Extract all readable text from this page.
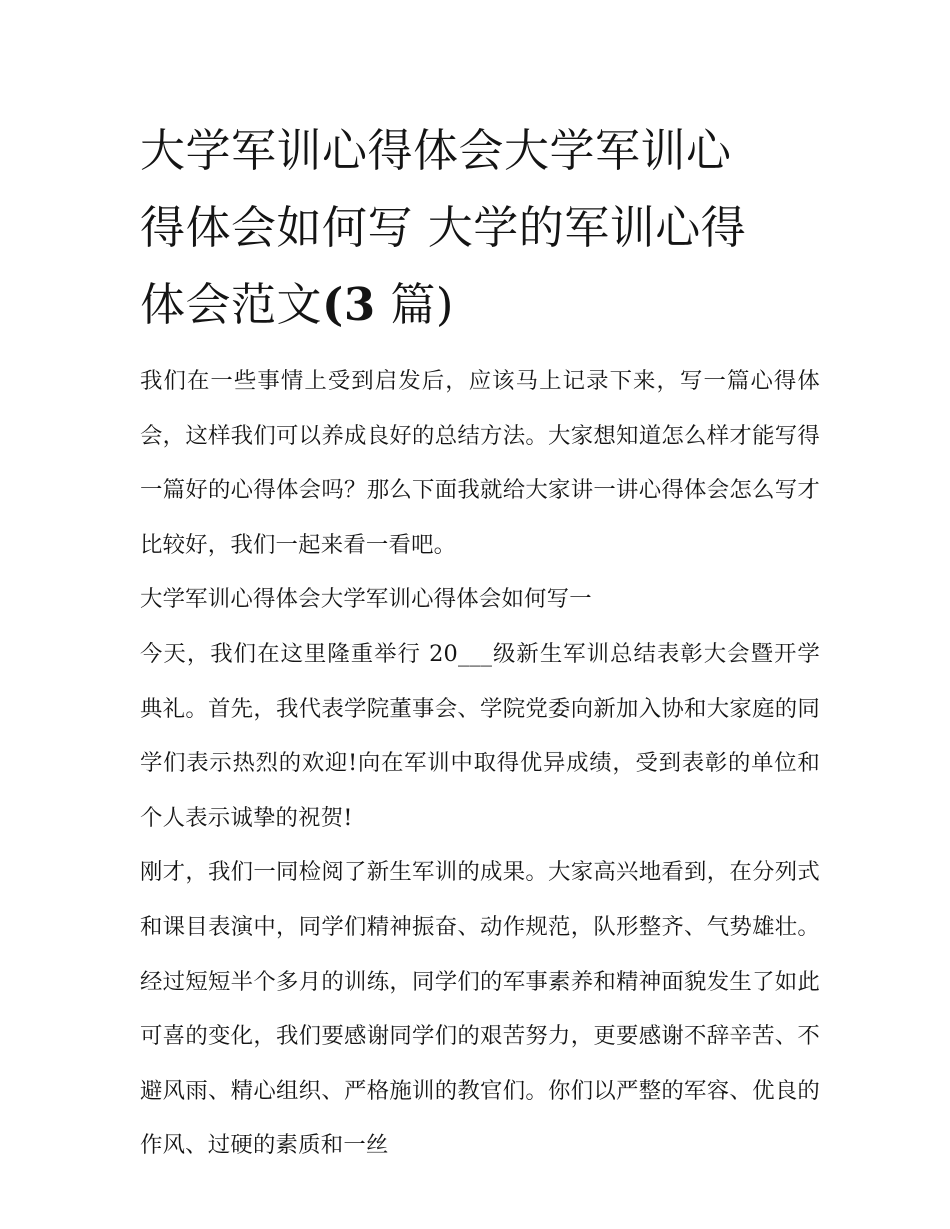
大学军训心得体会大学军训心
得体会如何写 大学的军训心得
体会范文(3 篇)

我们在一些事情上受到启发后，应该马上记录下来，写一篇心得体会，这样我们可以养成良好的总结方法。大家想知道怎么样才能写得一篇好的心得体会吗？那么下面我就给大家讲一讲心得体会怎么写才比较好，我们一起来看一看吧。

大学军训心得体会大学军训心得体会如何写一

今天，我们在这里隆重举行 20___级新生军训总结表彰大会暨开学典礼。首先，我代表学院董事会、学院党委向新加入协和大家庭的同学们表示热烈的欢迎!向在军训中取得优异成绩，受到表彰的单位和个人表示诚挚的祝贺!

刚才，我们一同检阅了新生军训的成果。大家高兴地看到，在分列式和课目表演中，同学们精神振奋、动作规范，队形整齐、气势雄壮。经过短短半个多月的训练，同学们的军事素养和精神面貌发生了如此可喜的变化，我们要感谢同学们的艰苦努力，更要感谢不辞辛苦、不避风雨、精心组织、严格施训的教官们。你们以严整的军容、优良的作风、过硬的素质和一丝
